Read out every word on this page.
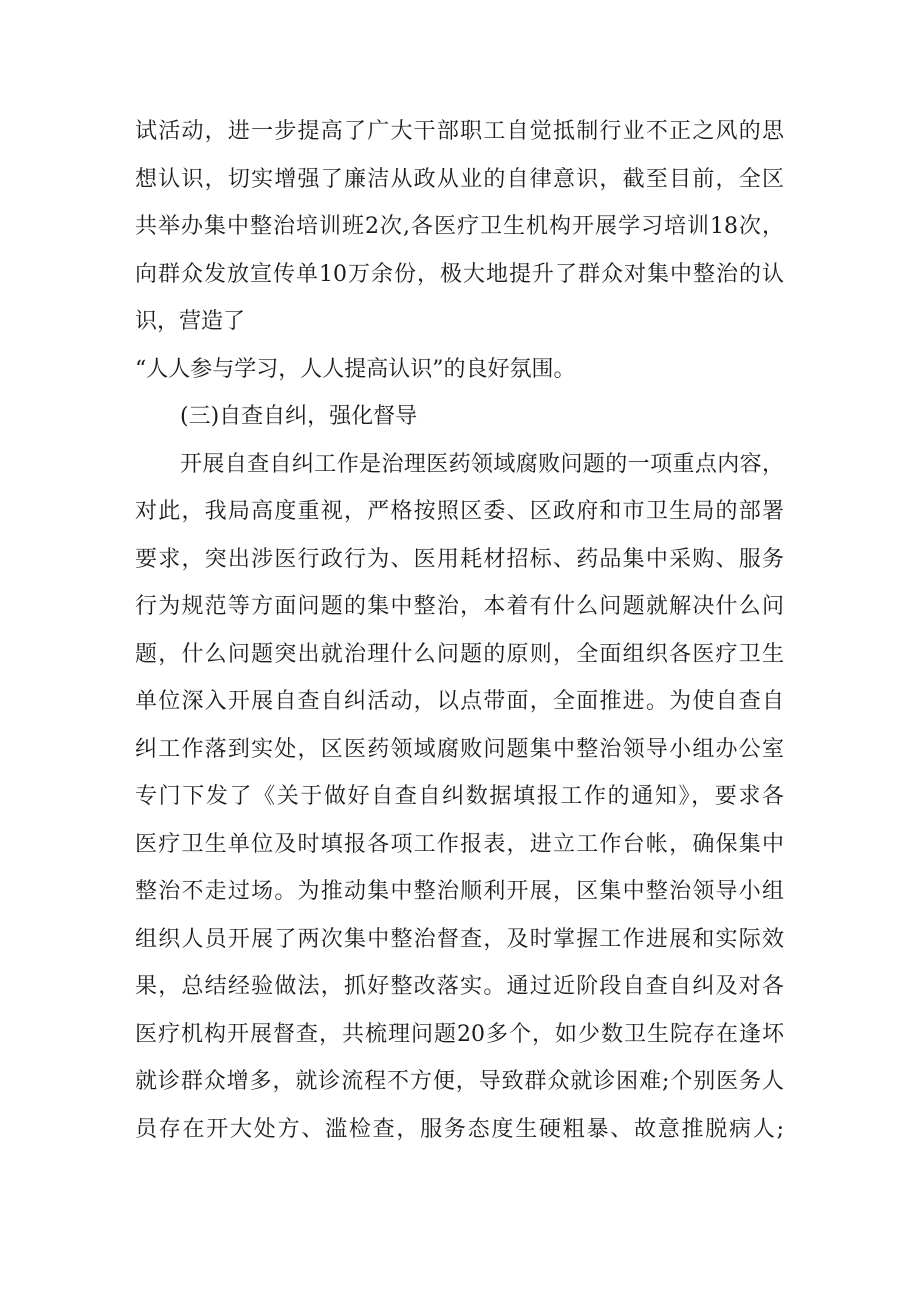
试活动，进一步提高了广大干部职工自觉抵制行业不正之风的思
想认识，切实增强了廉洁从政从业的自律意识，截至目前，全区
共举办集中整治培训班2次,各医疗卫生机构开展学习培训18次，
向群众发放宣传单10万余份，极大地提升了群众对集中整治的认
识，营造了
“人人参与学习，人人提高认识”的良好氛围。
(三)自查自纠，强化督导
开展自查自纠工作是治理医药领域腐败问题的一项重点内容，
对此，我局高度重视，严格按照区委、区政府和市卫生局的部署
要求，突出涉医行政行为、医用耗材招标、药品集中采购、服务
行为规范等方面问题的集中整治，本着有什么问题就解决什么问
题，什么问题突出就治理什么问题的原则，全面组织各医疗卫生
单位深入开展自查自纠活动，以点带面，全面推进。为使自查自
纠工作落到实处，区医药领域腐败问题集中整治领导小组办公室
专门下发了《关于做好自查自纠数据填报工作的通知》，要求各
医疗卫生单位及时填报各项工作报表，进立工作台帐，确保集中
整治不走过场。为推动集中整治顺利开展，区集中整治领导小组
组织人员开展了两次集中整治督查，及时掌握工作进展和实际效
果，总结经验做法，抓好整改落实。通过近阶段自查自纠及对各
医疗机构开展督查，共梳理问题20多个，如少数卫生院存在逢坏
就诊群众增多，就诊流程不方便，导致群众就诊困难;个别医务人
员存在开大处方、滥检查，服务态度生硬粗暴、故意推脱病人;
